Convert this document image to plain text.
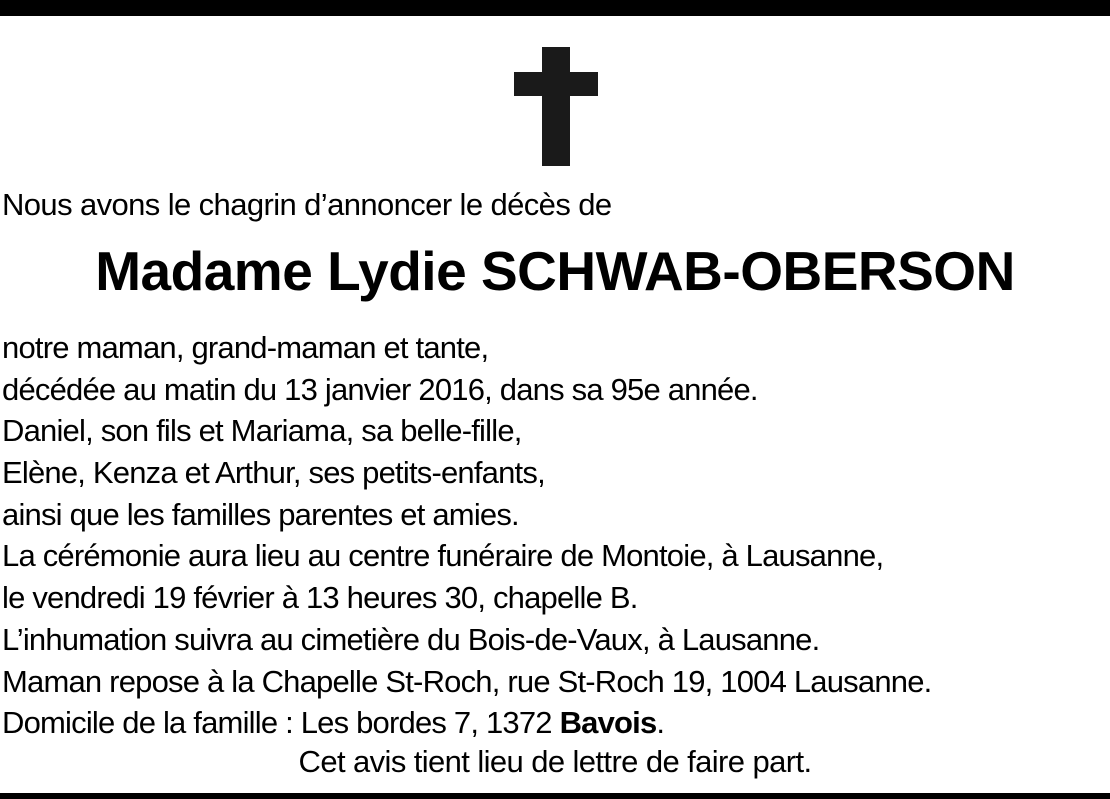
Nous avons le chagrin d’annoncer le décès de
Madame Lydie SCHWAB-OBERSON
notre maman, grand-maman et tante,
décédée au matin du 13 janvier 2016, dans sa 95e année.
Daniel, son fils et Mariama, sa belle-fille,
Elène, Kenza et Arthur, ses petits-enfants,
ainsi que les familles parentes et amies.
La cérémonie aura lieu au centre funéraire de Montoie, à Lausanne,
le vendredi 19 février à 13 heures 30, chapelle B.
L’inhumation suivra au cimetière du Bois-de-Vaux, à Lausanne.
Maman repose à la Chapelle St-Roch, rue St-Roch 19, 1004 Lausanne.
Domicile de la famille : Les bordes 7, 1372 Bavois.
Cet avis tient lieu de lettre de faire part.
